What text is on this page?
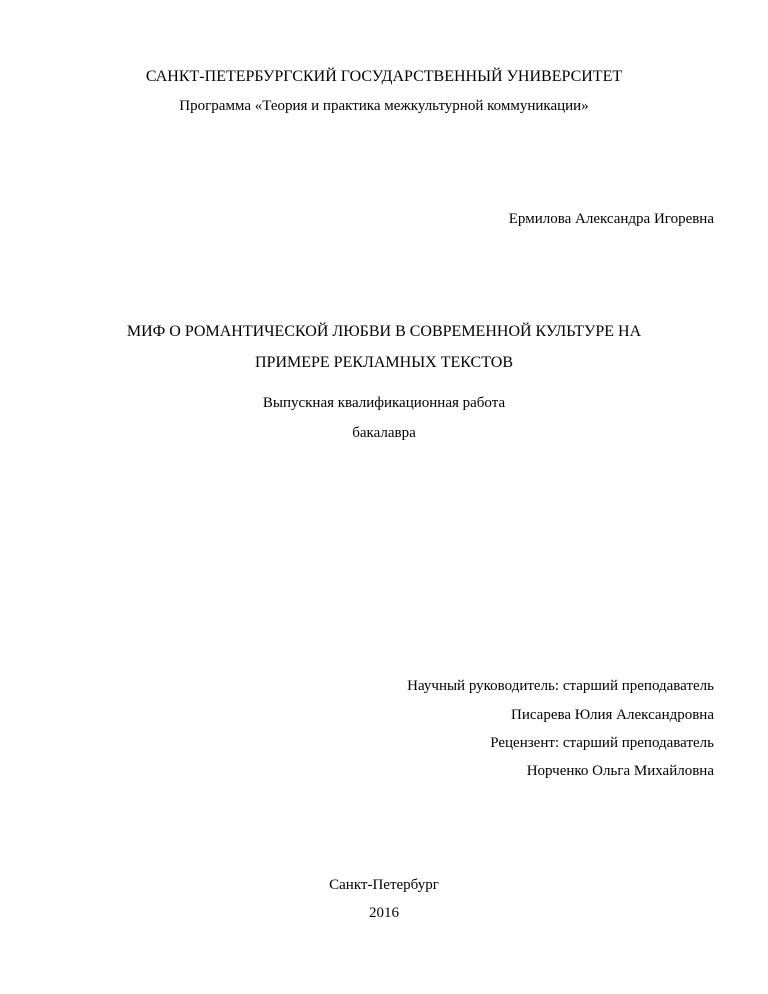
САНКТ-ПЕТЕРБУРГСКИЙ ГОСУДАРСТВЕННЫЙ УНИВЕРСИТЕТ
Программа «Теория и практика межкультурной коммуникации»
Ермилова Александра Игоревна
МИФ О РОМАНТИЧЕСКОЙ ЛЮБВИ В СОВРЕМЕННОЙ КУЛЬТУРЕ НА
ПРИМЕРЕ РЕКЛАМНЫХ ТЕКСТОВ
Выпускная квалификационная работа
бакалавра
Научный руководитель: старший преподаватель
Писарева Юлия Александровна
Рецензент: старший преподаватель
Норченко Ольга Михайловна
Санкт-Петербург
2016
